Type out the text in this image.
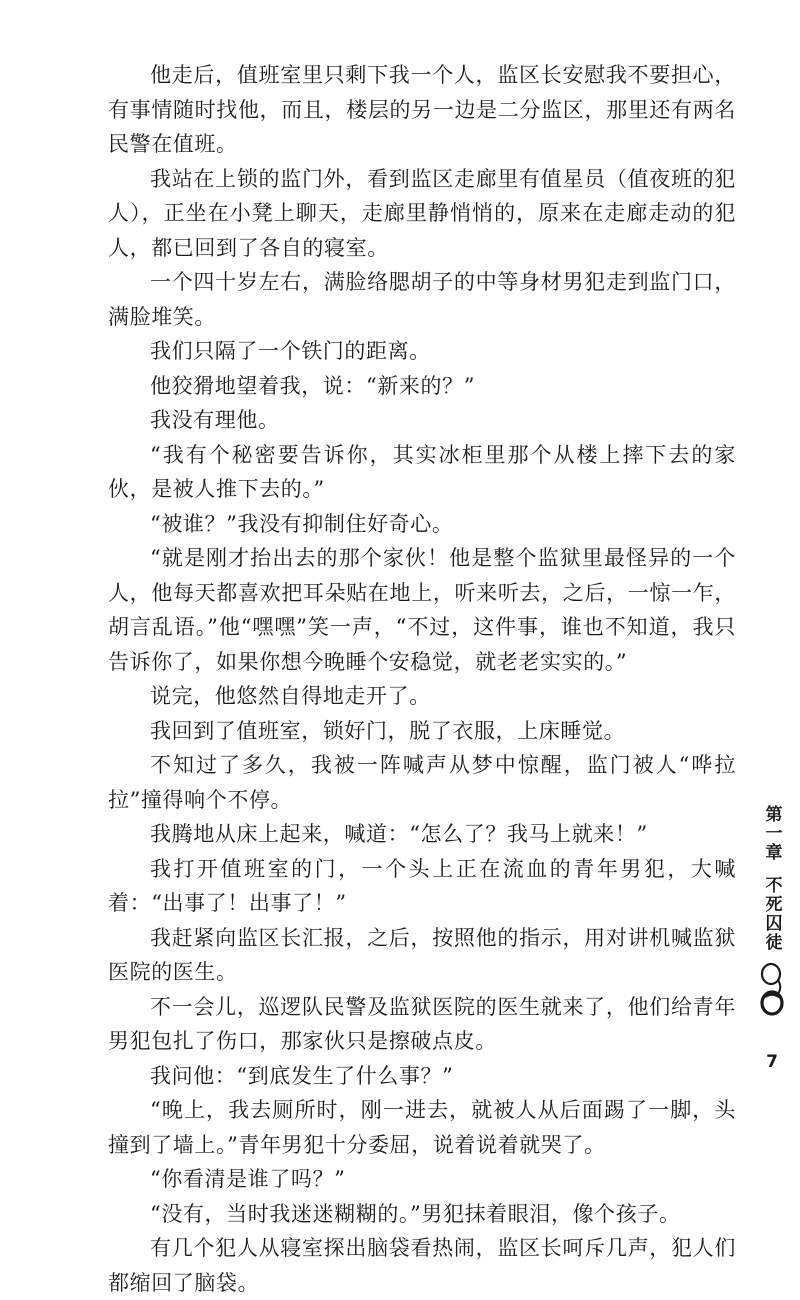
他走后，值班室里只剩下我一个人，监区长安慰我不要担心，有事情随时找他，而且，楼层的另一边是二分监区，那里还有两名民警在值班。

我站在上锁的监门外，看到监区走廊里有值星员（值夜班的犯人），正坐在小凳上聊天，走廊里静悄悄的，原来在走廊走动的犯人，都已回到了各自的寝室。

一个四十岁左右，满脸络腮胡子的中等身材男犯走到监门口，满脸堆笑。

我们只隔了一个铁门的距离。

他狡猾地望着我，说：“新来的？”

我没有理他。

“我有个秘密要告诉你，其实冰柜里那个从楼上摔下去的家伙，是被人推下去的。”

“被谁？”我没有抑制住好奇心。

“就是刚才抬出去的那个家伙！他是整个监狱里最怪异的一个人，他每天都喜欢把耳朵贴在地上，听来听去，之后，一惊一乍，胡言乱语。”他“嘿嘿”笑一声，“不过，这件事，谁也不知道，我只告诉你了，如果你想今晚睡个安稳觉，就老老实实的。”

说完，他悠然自得地走开了。

我回到了值班室，锁好门，脱了衣服，上床睡觉。

不知过了多久，我被一阵喊声从梦中惊醒，监门被人“哗拉拉”撞得响个不停。

我腾地从床上起来，喊道：“怎么了？我马上就来！”

我打开值班室的门，一个头上正在流血的青年男犯，大喊着：“出事了！出事了！”

我赶紧向监区长汇报，之后，按照他的指示，用对讲机喊监狱医院的医生。

不一会儿，巡逻队民警及监狱医院的医生就来了，他们给青年男犯包扎了伤口，那家伙只是擦破点皮。

我问他：“到底发生了什么事？”

“晚上，我去厕所时，刚一进去，就被人从后面踢了一脚，头撞到了墙上。”青年男犯十分委屈，说着说着就哭了。

“你看清是谁了吗？”

“没有，当时我迷迷糊糊的。”男犯抹着眼泪，像个孩子。

有几个犯人从寝室探出脑袋看热闹，监区长呵斥几声，犯人们都缩回了脑袋。

第一章
不死囚徒
7
